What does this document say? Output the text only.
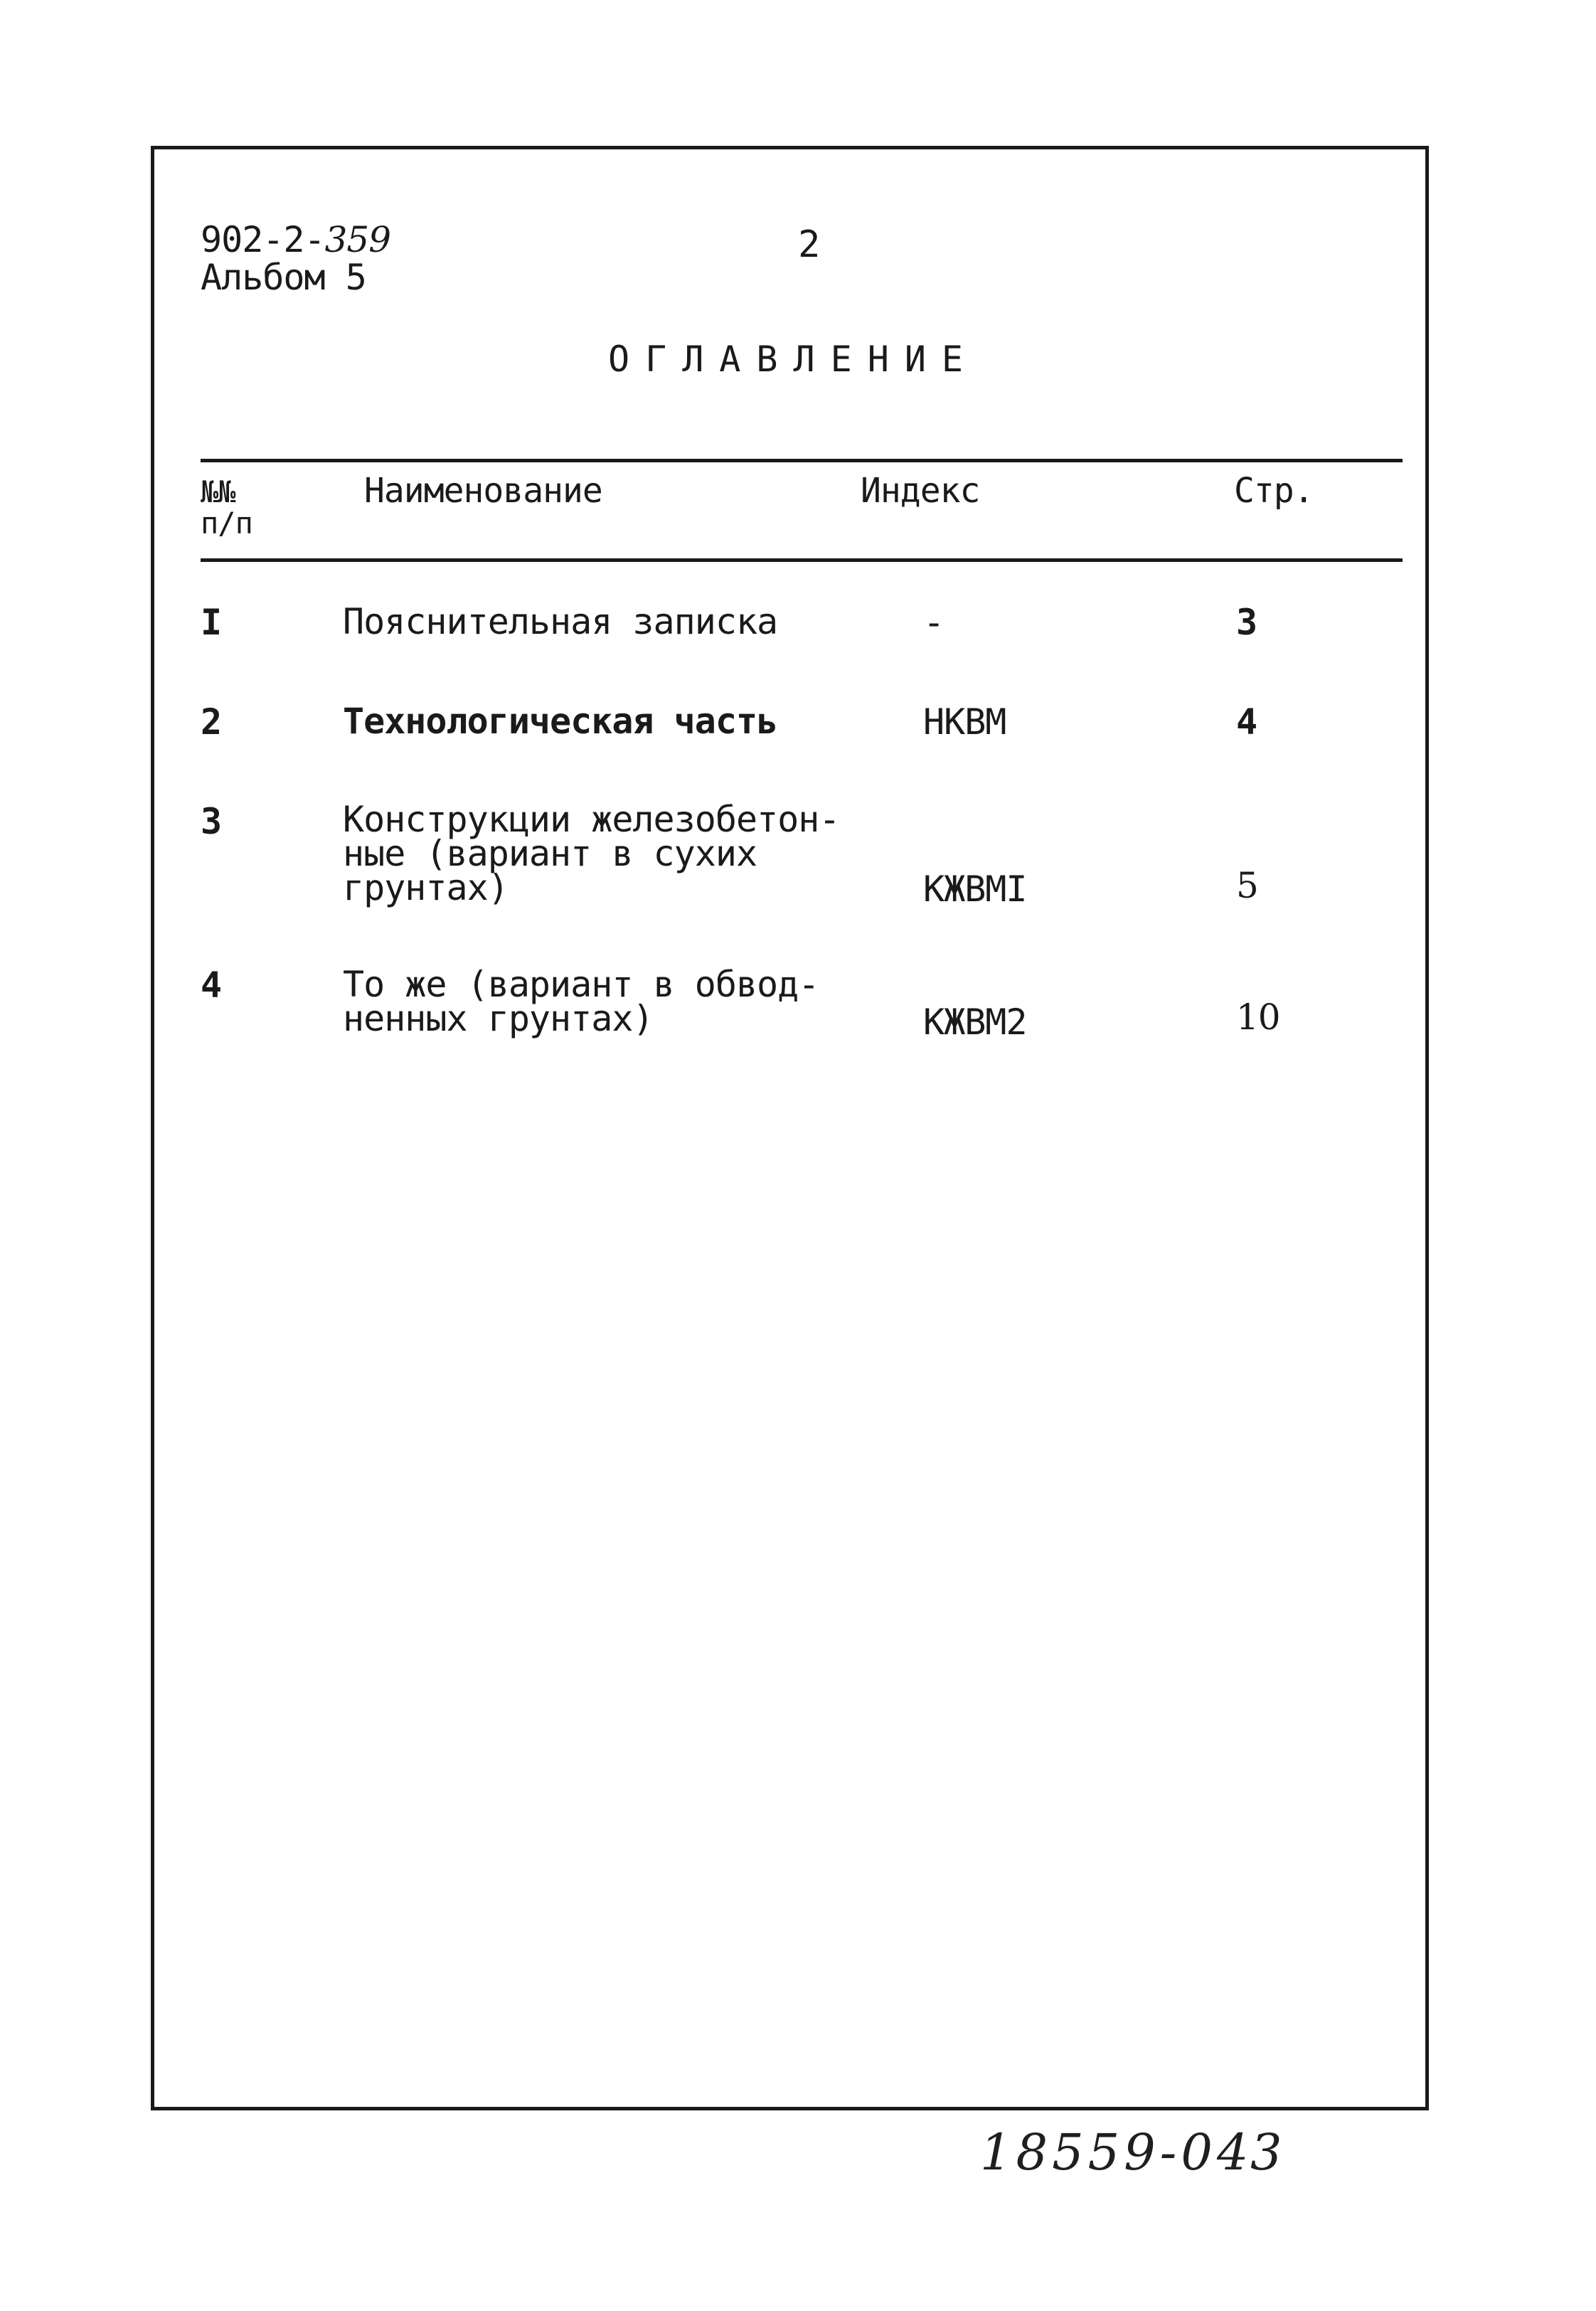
902-2-359
Альбом 5
2
ОГЛАВЛЕНИЕ
№№
п/п
Наименование	Индекс	Стр.
I	Пояснительная записка	-	3
2	Технологическая часть	НКВМ	4
3	Конструкции железобетон-
ные (вариант в сухих
грунтах)	КЖВМI	5
4	То же (вариант в обвод-
ненных грунтах)	КЖВМ2	10
18559-04
3
